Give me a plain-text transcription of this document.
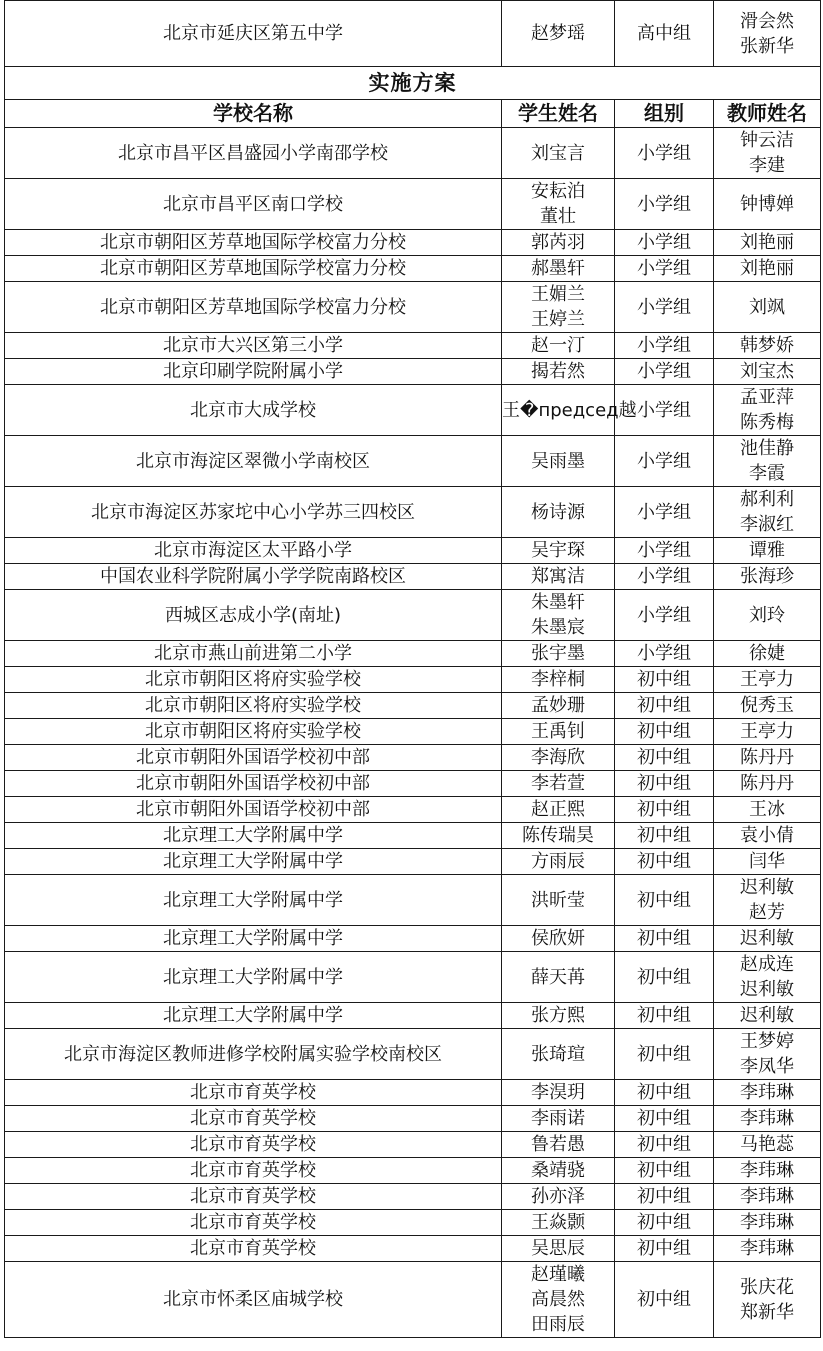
北京市延庆区第五中学	赵梦瑶	高中组	滑会然
张新华

实施方案			
学校名称	学生姓名	组别	教师姓名
北京市昌平区昌盛园小学南邵学校	刘宝言	小学组	钟云洁
李建

北京市昌平区南口学校	安耘泊
董壮	小学组	钟博婵

北京市朝阳区芳草地国际学校富力分校	郭芮羽	小学组	刘艳丽

北京市朝阳区芳草地国际学校富力分校	郝墨轩	小学组	刘艳丽

北京市朝阳区芳草地国际学校富力分校	王媚兰
王婷兰	小学组	刘飒

北京市大兴区第三小学	赵一汀	小学组	韩梦娇

北京印刷学院附属小学	揭若然	小学组	刘宝杰

北京市大成学校	王�председ越	小学组	孟亚萍
陈秀梅

北京市海淀区翠微小学南校区	吴雨墨	小学组	池佳静
李霞

北京市海淀区苏家坨中心小学苏三四校区	杨诗源	小学组	郝利利
李淑红

北京市海淀区太平路小学	吴宇琛	小学组	谭雅

中国农业科学院附属小学学院南路校区	郑寓洁	小学组	张海珍

西城区志成小学(南址)	朱墨轩
朱墨宸	小学组	刘玲

北京市燕山前进第二小学	张宇墨	小学组	徐婕

北京市朝阳区将府实验学校	李梓桐	初中组	王亭力

北京市朝阳区将府实验学校	孟妙珊	初中组	倪秀玉

北京市朝阳区将府实验学校	王禹钊	初中组	王亭力

北京市朝阳外国语学校初中部	李海欣	初中组	陈丹丹

北京市朝阳外国语学校初中部	李若萱	初中组	陈丹丹

北京市朝阳外国语学校初中部	赵正熙	初中组	王冰

北京理工大学附属中学	陈传瑞昊	初中组	袁小倩

北京理工大学附属中学	方雨辰	初中组	闫华

北京理工大学附属中学	洪昕莹	初中组	迟利敏
赵芳

北京理工大学附属中学	侯欣妍	初中组	迟利敏

北京理工大学附属中学	薛天苒	初中组	赵成连
迟利敏

北京理工大学附属中学	张方熙	初中组	迟利敏

北京市海淀区教师进修学校附属实验学校南校区	张琦瑄	初中组	王梦婷
李凤华

北京市育英学校	李淏玥	初中组	李玮琳

北京市育英学校	李雨诺	初中组	李玮琳

北京市育英学校	鲁若愚	初中组	马艳蕊

北京市育英学校	桑靖骁	初中组	李玮琳

北京市育英学校	孙亦泽	初中组	李玮琳

北京市育英学校	王焱颢	初中组	李玮琳

北京市育英学校	吴思辰	初中组	李玮琳

北京市怀柔区庙城学校	赵瑾曦
高晨然
田雨辰	初中组	张庆花
郑新华
